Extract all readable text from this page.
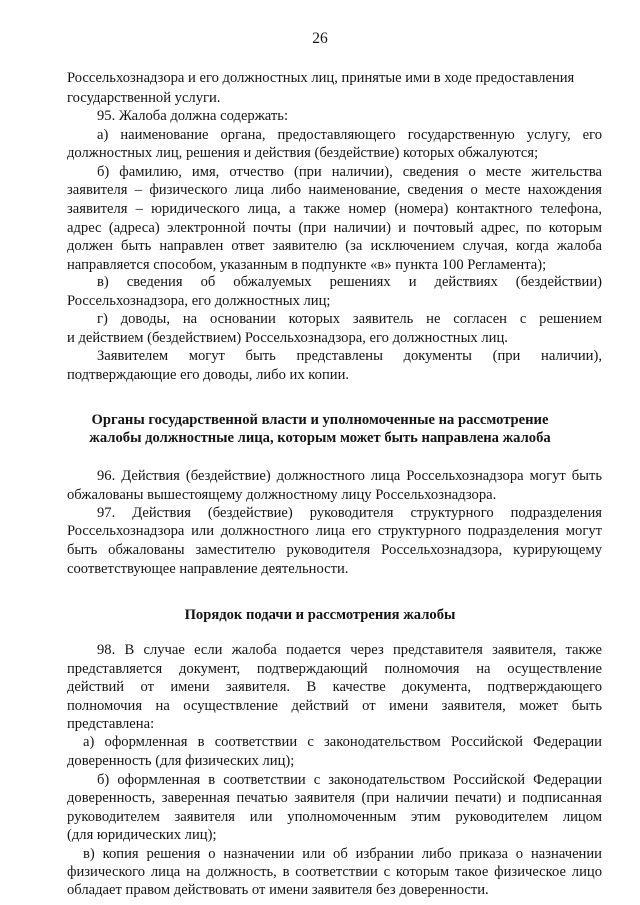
26
Россельхознадзора и его должностных лиц, принятые ими в ходе предоставления
государственной услуги.
95. Жалоба должна содержать:
а) наименование органа, предоставляющего государственную услугу, его
должностных лиц, решения и действия (бездействие) которых обжалуются;
б) фамилию, имя, отчество (при наличии), сведения о месте жительства
заявителя – физического лица либо наименование, сведения о месте нахождения
заявителя – юридического лица, а также номер (номера) контактного телефона,
адрес (адреса) электронной почты (при наличии) и почтовый адрес, по которым
должен быть направлен ответ заявителю (за исключением случая, когда жалоба
направляется способом, указанным в подпункте «в» пункта 100 Регламента);
в) сведения об обжалуемых решениях и действиях (бездействии)
Россельхознадзора, его должностных лиц;
г) доводы, на основании которых заявитель не согласен с решением
и действием (бездействием) Россельхознадзора, его должностных лиц.
Заявителем могут быть представлены документы (при наличии),
подтверждающие его доводы, либо их копии.
Органы государственной власти и уполномоченные на рассмотрение
жалобы должностные лица, которым может быть направлена жалоба
96. Действия (бездействие) должностного лица Россельхознадзора могут быть
обжалованы вышестоящему должностному лицу Россельхознадзора.
97. Действия (бездействие) руководителя структурного подразделения
Россельхознадзора или должностного лица его структурного подразделения могут
быть обжалованы заместителю руководителя Россельхознадзора, курирующему
соответствующее направление деятельности.
Порядок подачи и рассмотрения жалобы
98. В случае если жалоба подается через представителя заявителя, также
представляется документ, подтверждающий полномочия на осуществление
действий от имени заявителя. В качестве документа, подтверждающего
полномочия на осуществление действий от имени заявителя, может быть
представлена:
а) оформленная в соответствии с законодательством Российской Федерации
доверенность (для физических лиц);
б) оформленная в соответствии с законодательством Российской Федерации
доверенность, заверенная печатью заявителя (при наличии печати) и подписанная
руководителем заявителя или уполномоченным этим руководителем лицом
(для юридических лиц);
в) копия решения о назначении или об избрании либо приказа о назначении
физического лица на должность, в соответствии с которым такое физическое лицо
обладает правом действовать от имени заявителя без доверенности.
